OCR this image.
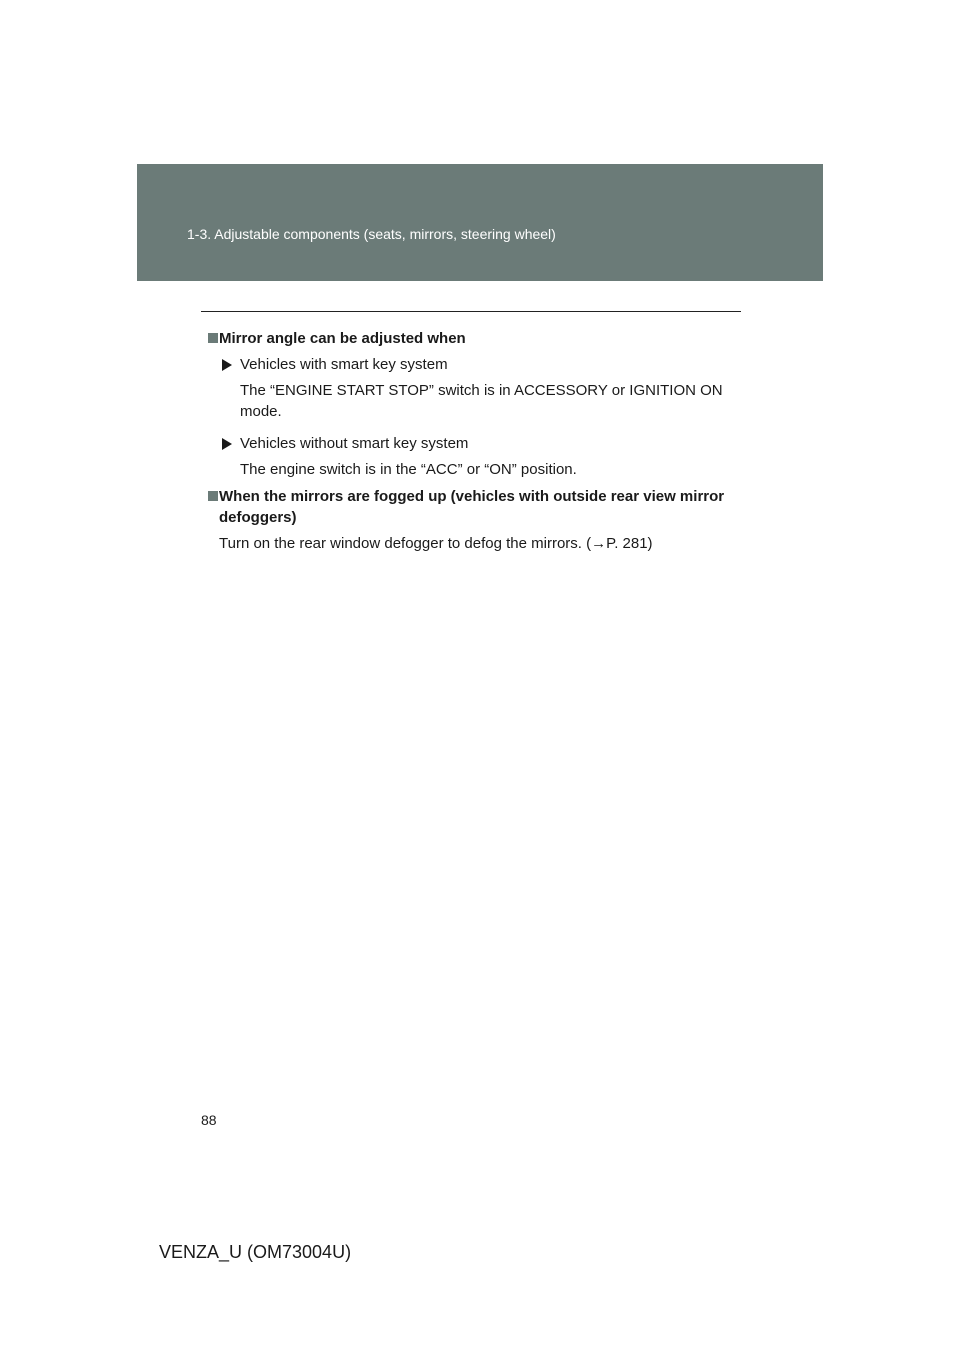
1-3. Adjustable components (seats, mirrors, steering wheel)
Mirror angle can be adjusted when
Vehicles with smart key system
The “ENGINE START STOP” switch is in ACCESSORY or IGNITION ON mode.
Vehicles without smart key system
The engine switch is in the “ACC” or “ON” position.
When the mirrors are fogged up (vehicles with outside rear view mirror defoggers)
Turn on the rear window defogger to defog the mirrors. (→P. 281)
88
VENZA_U (OM73004U)
